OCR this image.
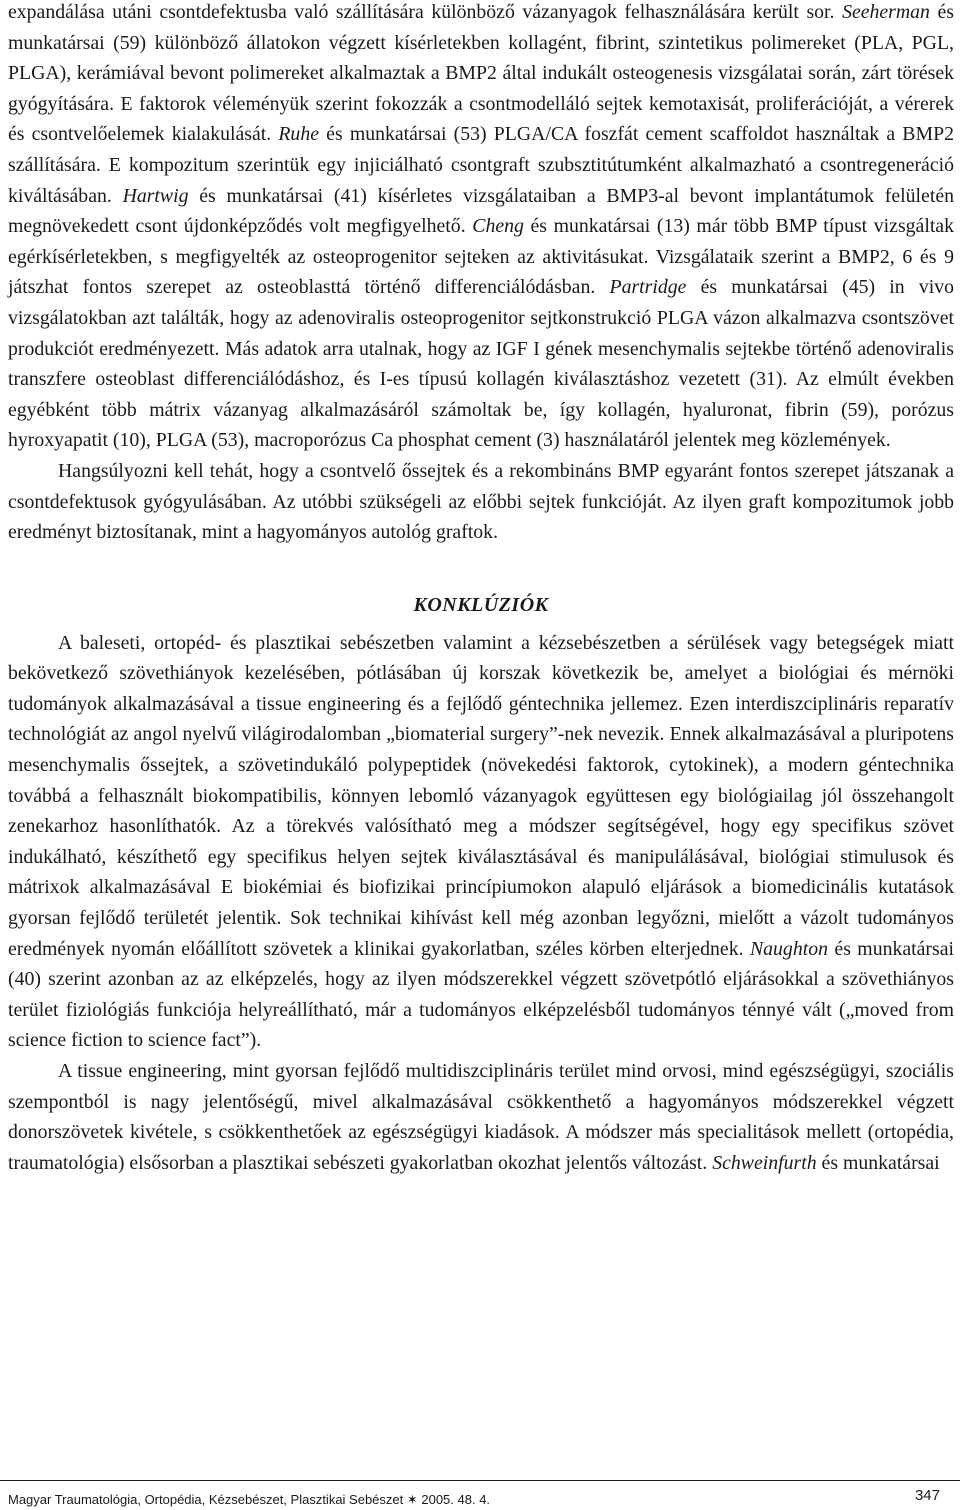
expandálása utáni csontdefektusba való szállítására különböző vázanyagok felhasználására került sor. Seeherman és munkatársai (59) különböző állatokon végzett kísérletekben kollagént, fibrint, szintetikus polimereket (PLA, PGL, PLGA), kerámiával bevont polimereket alkalmaztak a BMP2 által indukált osteogenesis vizsgálatai során, zárt törések gyógyítására. E faktorok véleményük szerint fokozzák a csontmodelláló sejtek kemotaxisát, proliferációját, a vérerek és csontvelőelemek kialakulását. Ruhe és munkatársai (53) PLGA/CA foszfát cement scaffoldot használtak a BMP2 szállítására. E kompozitum szerintük egy injiciálható csontgraft szubsztitútumként alkalmazható a csontregeneráció kiváltásában. Hartwig és munkatársai (41) kísérletes vizsgálataiban a BMP3-al bevont implantátumok felületén megnövekedett csont újdonképződés volt megfigyelhető. Cheng és munkatársai (13) már több BMP típust vizsgáltak egérkísérletekben, s megfigyelték az osteoprogenitor sejteken az aktivitásukat. Vizsgálataik szerint a BMP2, 6 és 9 játszhat fontos szerepet az osteoblasttá történő differenciálódásban. Partridge és munkatársai (45) in vivo vizsgálatokban azt találták, hogy az adenoviralis osteoprogenitor sejtkonstrukció PLGA vázon alkalmazva csontszövet produkciót eredményezett. Más adatok arra utalnak, hogy az IGF I gének mesenchymalis sejtekbe történő adenoviralis transzfere osteoblast differenciálódáshoz, és I-es típusú kollagén kiválasztáshoz vezetett (31). Az elmúlt években egyébként több mátrix vázanyag alkalmazásáról számoltak be, így kollagén, hyaluronat, fibrin (59), porózus hyroxyapatit (10), PLGA (53), macroporózus Ca phosphat cement (3) használatáról jelentek meg közlemények.

Hangsúlyozni kell tehát, hogy a csontvelő őssejtek és a rekombináns BMP egyaránt fontos szerepet játszanak a csontdefektusok gyógyulásában. Az utóbbi szükségeli az előbbi sejtek funkcióját. Az ilyen graft kompozitumok jobb eredményt biztosítanak, mint a hagyományos autológ graftok.

KONKLÚZIÓK

A baleseti, ortopéd- és plasztikai sebészetben valamint a kézsebészetben a sérülések vagy betegségek miatt bekövetkező szövethiányok kezelésében, pótlásában új korszak következik be, amelyet a biológiai és mérnöki tudományok alkalmazásával a tissue engineering és a fejlődő géntechnika jellemez. Ezen interdiszciplináris reparatív technológiát az angol nyelvű világirodalomban „biomaterial surgery”-nek nevezik. Ennek alkalmazásával a pluripotens mesenchymalis őssejtek, a szövetindukáló polypeptidek (növekedési faktorok, cytokinek), a modern géntechnika továbbá a felhasznált biokompatibilis, könnyen lebomló vázanyagok együttesen egy biológiailag jól összehangolt zenekarhoz hasonlíthatók. Az a törekvés valósítható meg a módszer segítségével, hogy egy specifikus szövet indukálható, készíthető egy specifikus helyen sejtek kiválasztásával és manipulálásával, biológiai stimulusok és mátrixok alkalmazásával E biokémiai és biofizikai princípiumokon alapuló eljárások a biomedicinális kutatások gyorsan fejlődő területét jelentik. Sok technikai kihívást kell még azonban legyőzni, mielőtt a vázolt tudományos eredmények nyomán előállított szövetek a klinikai gyakorlatban, széles körben elterjednek. Naughton és munkatársai (40) szerint azonban az az elképzelés, hogy az ilyen módszerekkel végzett szövetpótló eljárásokkal a szövethiányos terület fiziológiás funkciója helyreállítható, már a tudományos elképzelésből tudományos ténnyé vált („moved from science fiction to science fact”).

A tissue engineering, mint gyorsan fejlődő multidiszciplináris terület mind orvosi, mind egészségügyi, szociális szempontból is nagy jelentőségű, mivel alkalmazásával csökkenthető a hagyományos módszerekkel végzett donorszövetek kivétele, s csökkenthetőek az egészségügyi kiadások. A módszer más specialitások mellett (ortopédia, traumatológia) elsősorban a plasztikai sebészeti gyakorlatban okozhat jelentős változást. Schweinfurth és munkatársai

Magyar Traumatológia, Ortopédia, Kézsebészet, Plasztikai Sebészet ✶ 2005. 48. 4.	347
